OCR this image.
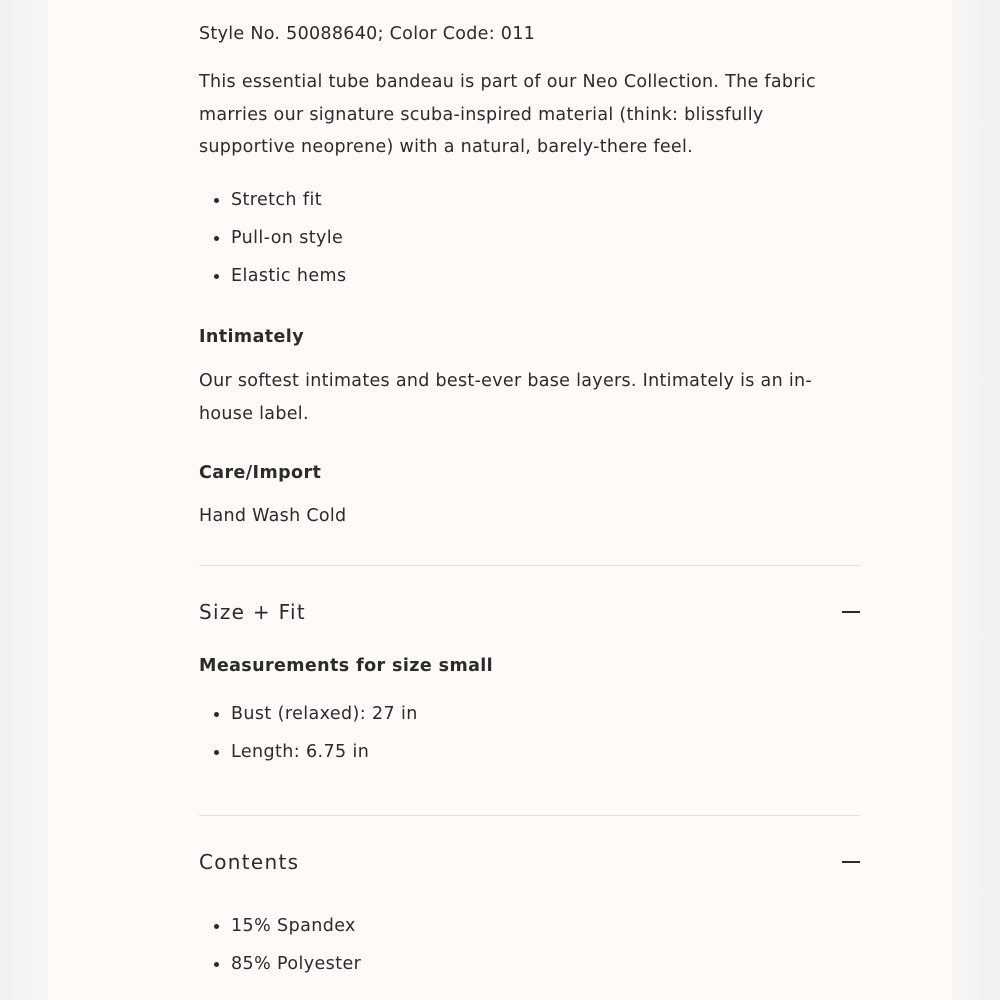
Style No. 50088640; Color Code: 011

This essential tube bandeau is part of our Neo Collection. The fabric marries our signature scuba-inspired material (think: blissfully supportive neoprene) with a natural, barely-there feel.

Stretch fit
Pull-on style
Elastic hems
Intimately

Our softest intimates and best-ever base layers. Intimately is an in-house label.

Care/Import

Hand Wash Cold

Size + Fit
Measurements for size small
Bust (relaxed): 27 in
Length: 6.75 in
Contents
15% Spandex
85% Polyester
